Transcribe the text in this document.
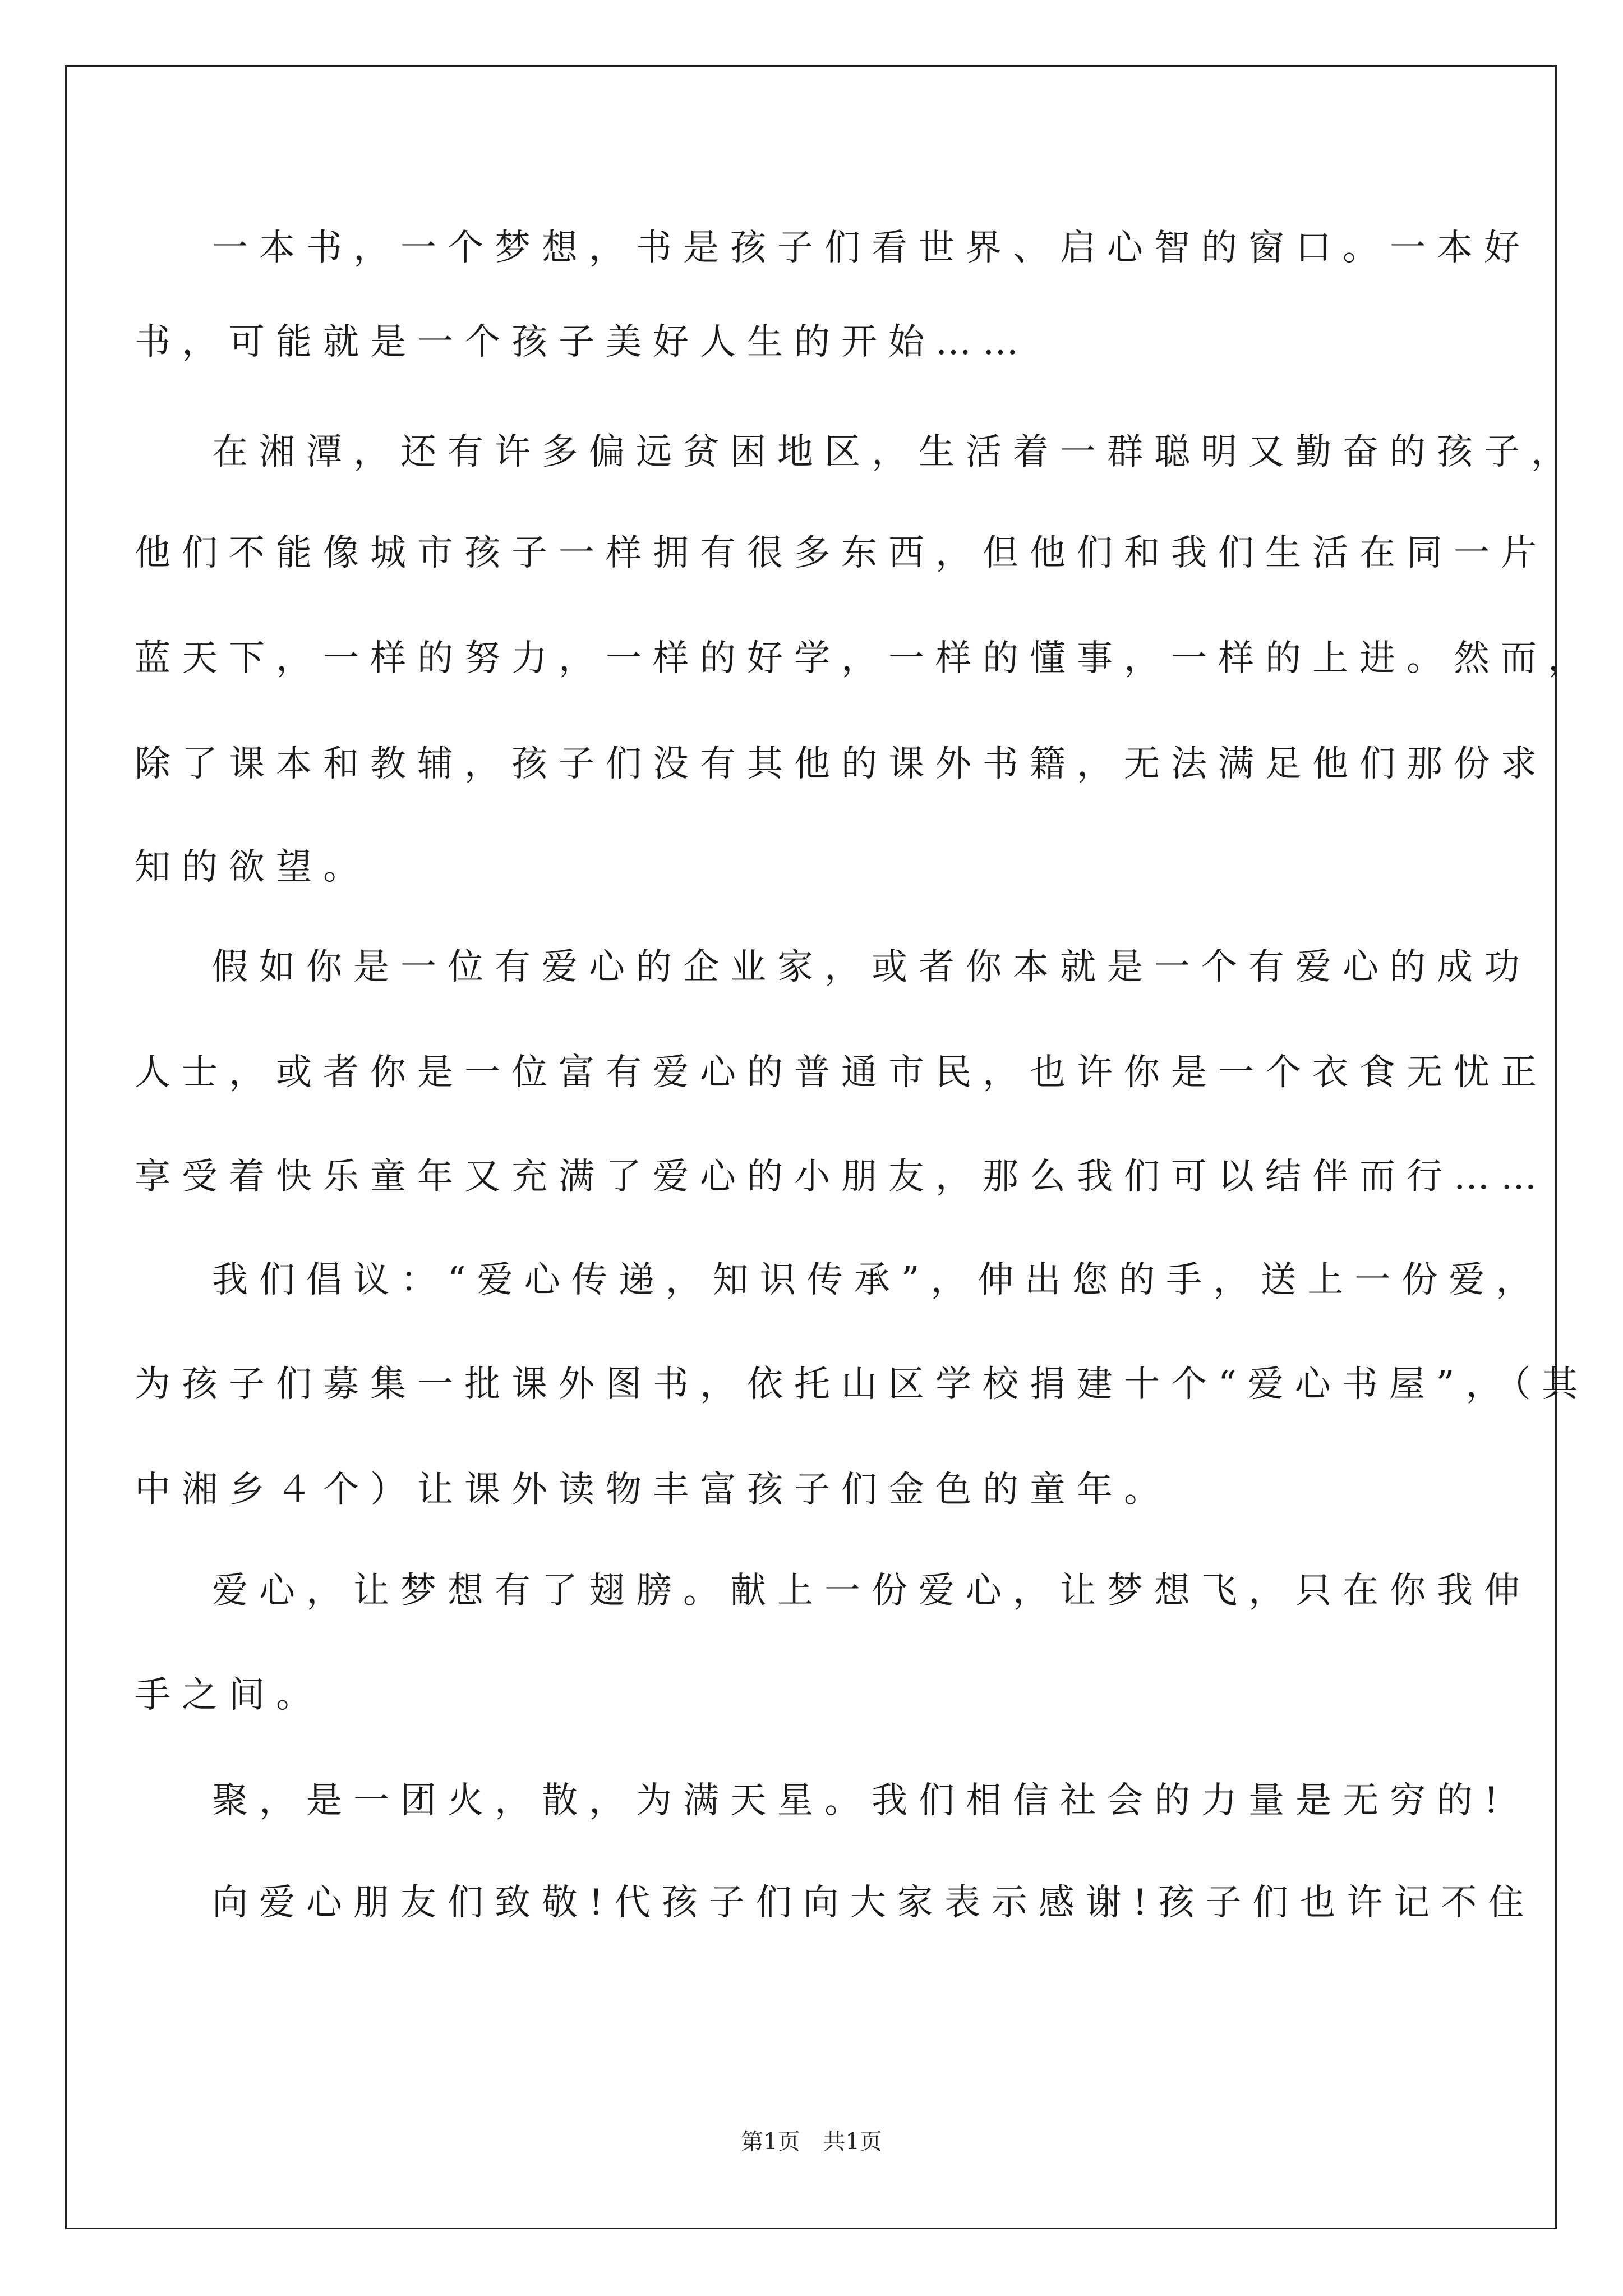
一本书，一个梦想，书是孩子们看世界、启心智的窗口。一本好
书，可能就是一个孩子美好人生的开始……
在湘潭，还有许多偏远贫困地区，生活着一群聪明又勤奋的孩子，
他们不能像城市孩子一样拥有很多东西，但他们和我们生活在同一片
蓝天下，一样的努力，一样的好学，一样的懂事，一样的上进。然而，
除了课本和教辅，孩子们没有其他的课外书籍，无法满足他们那份求
知的欲望。
假如你是一位有爱心的企业家，或者你本就是一个有爱心的成功
人士，或者你是一位富有爱心的普通市民，也许你是一个衣食无忧正
享受着快乐童年又充满了爱心的小朋友，那么我们可以结伴而行……
我们倡议：“爱心传递，知识传承”，伸出您的手，送上一份爱，
为孩子们募集一批课外图书，依托山区学校捐建十个“爱心书屋”，（其
中湘乡４个）让课外读物丰富孩子们金色的童年。
爱心，让梦想有了翅膀。献上一份爱心，让梦想飞，只在你我伸
手之间。
聚，是一团火，散，为满天星。我们相信社会的力量是无穷的!
向爱心朋友们致敬!代孩子们向大家表示感谢!孩子们也许记不住
第1页 共1页
